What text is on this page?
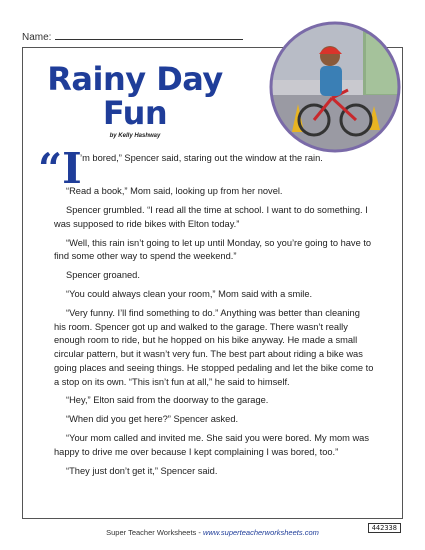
Name:
Rainy Day
Fun
by Kelly Hashway

“I
’m bored,” Spencer said, staring out the window at the rain.

“Read a book,” Mom said, looking up from her novel.

Spencer grumbled. “I read all the time at school. I want to do something. I was supposed to ride bikes with Elton today.”

“Well, this rain isn’t going to let up until Monday, so you’re going to have to find some other way to spend the weekend.”

Spencer groaned.

“You could always clean your room,” Mom said with a smile.

“Very funny. I’ll find something to do.” Anything was better than cleaning his room. Spencer got up and walked to the garage. There wasn’t really enough room to ride, but he hopped on his bike anyway. He made a small circular pattern, but it wasn’t very fun. The best part about riding a bike was going places and seeing things. He stopped pedaling and let the bike come to a stop on its own. “This isn’t fun at all,” he said to himself.

“Hey,” Elton said from the doorway to the garage.

“When did you get here?” Spencer asked.

“Your mom called and invited me. She said you were bored. My mom was happy to drive me over because I kept complaining I was bored, too.”

“They just don’t get it,” Spencer said.

Super Teacher Worksheets - www.superteacherworksheets.com	442338
